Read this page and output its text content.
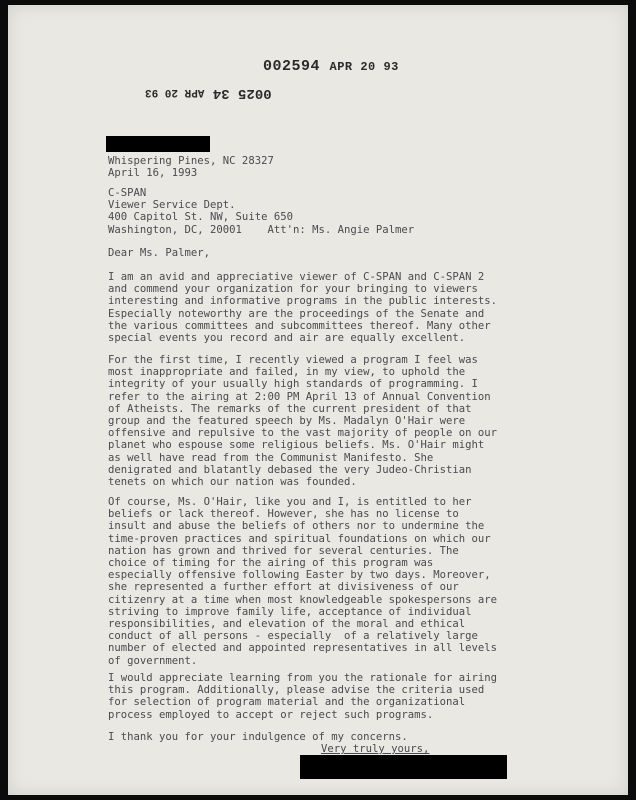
002594 APR 20 93
0025 34 APR 20 93
Whispering Pines, NC 28327
April 16, 1993
C-SPAN
Viewer Service Dept.
400 Capitol St. NW, Suite 650
Washington, DC, 20001    Att'n: Ms. Angie Palmer
Dear Ms. Palmer,
I am an avid and appreciative viewer of C-SPAN and C-SPAN 2
and commend your organization for your bringing to viewers
interesting and informative programs in the public interests.
Especially noteworthy are the proceedings of the Senate and
the various committees and subcommittees thereof. Many other
special events you record and air are equally excellent.
For the first time, I recently viewed a program I feel was
most inappropriate and failed, in my view, to uphold the
integrity of your usually high standards of programming. I
refer to the airing at 2:00 PM April 13 of Annual Convention
of Atheists. The remarks of the current president of that
group and the featured speech by Ms. Madalyn O'Hair were
offensive and repulsive to the vast majority of people on our
planet who espouse some religious beliefs. Ms. O'Hair might
as well have read from the Communist Manifesto. She
denigrated and blatantly debased the very Judeo-Christian
tenets on which our nation was founded.
Of course, Ms. O'Hair, like you and I, is entitled to her
beliefs or lack thereof. However, she has no license to
insult and abuse the beliefs of others nor to undermine the
time-proven practices and spiritual foundations on which our
nation has grown and thrived for several centuries. The
choice of timing for the airing of this program was
especially offensive following Easter by two days. Moreover,
she represented a further effort at divisiveness of our
citizenry at a time when most knowledgeable spokespersons are
striving to improve family life, acceptance of individual
responsibilities, and elevation of the moral and ethical
conduct of all persons - especially  of a relatively large
number of elected and appointed representatives in all levels
of government.
I would appreciate learning from you the rationale for airing
this program. Additionally, please advise the criteria used
for selection of program material and the organizational
process employed to accept or reject such programs.
I thank you for your indulgence of my concerns.
Very truly yours,
